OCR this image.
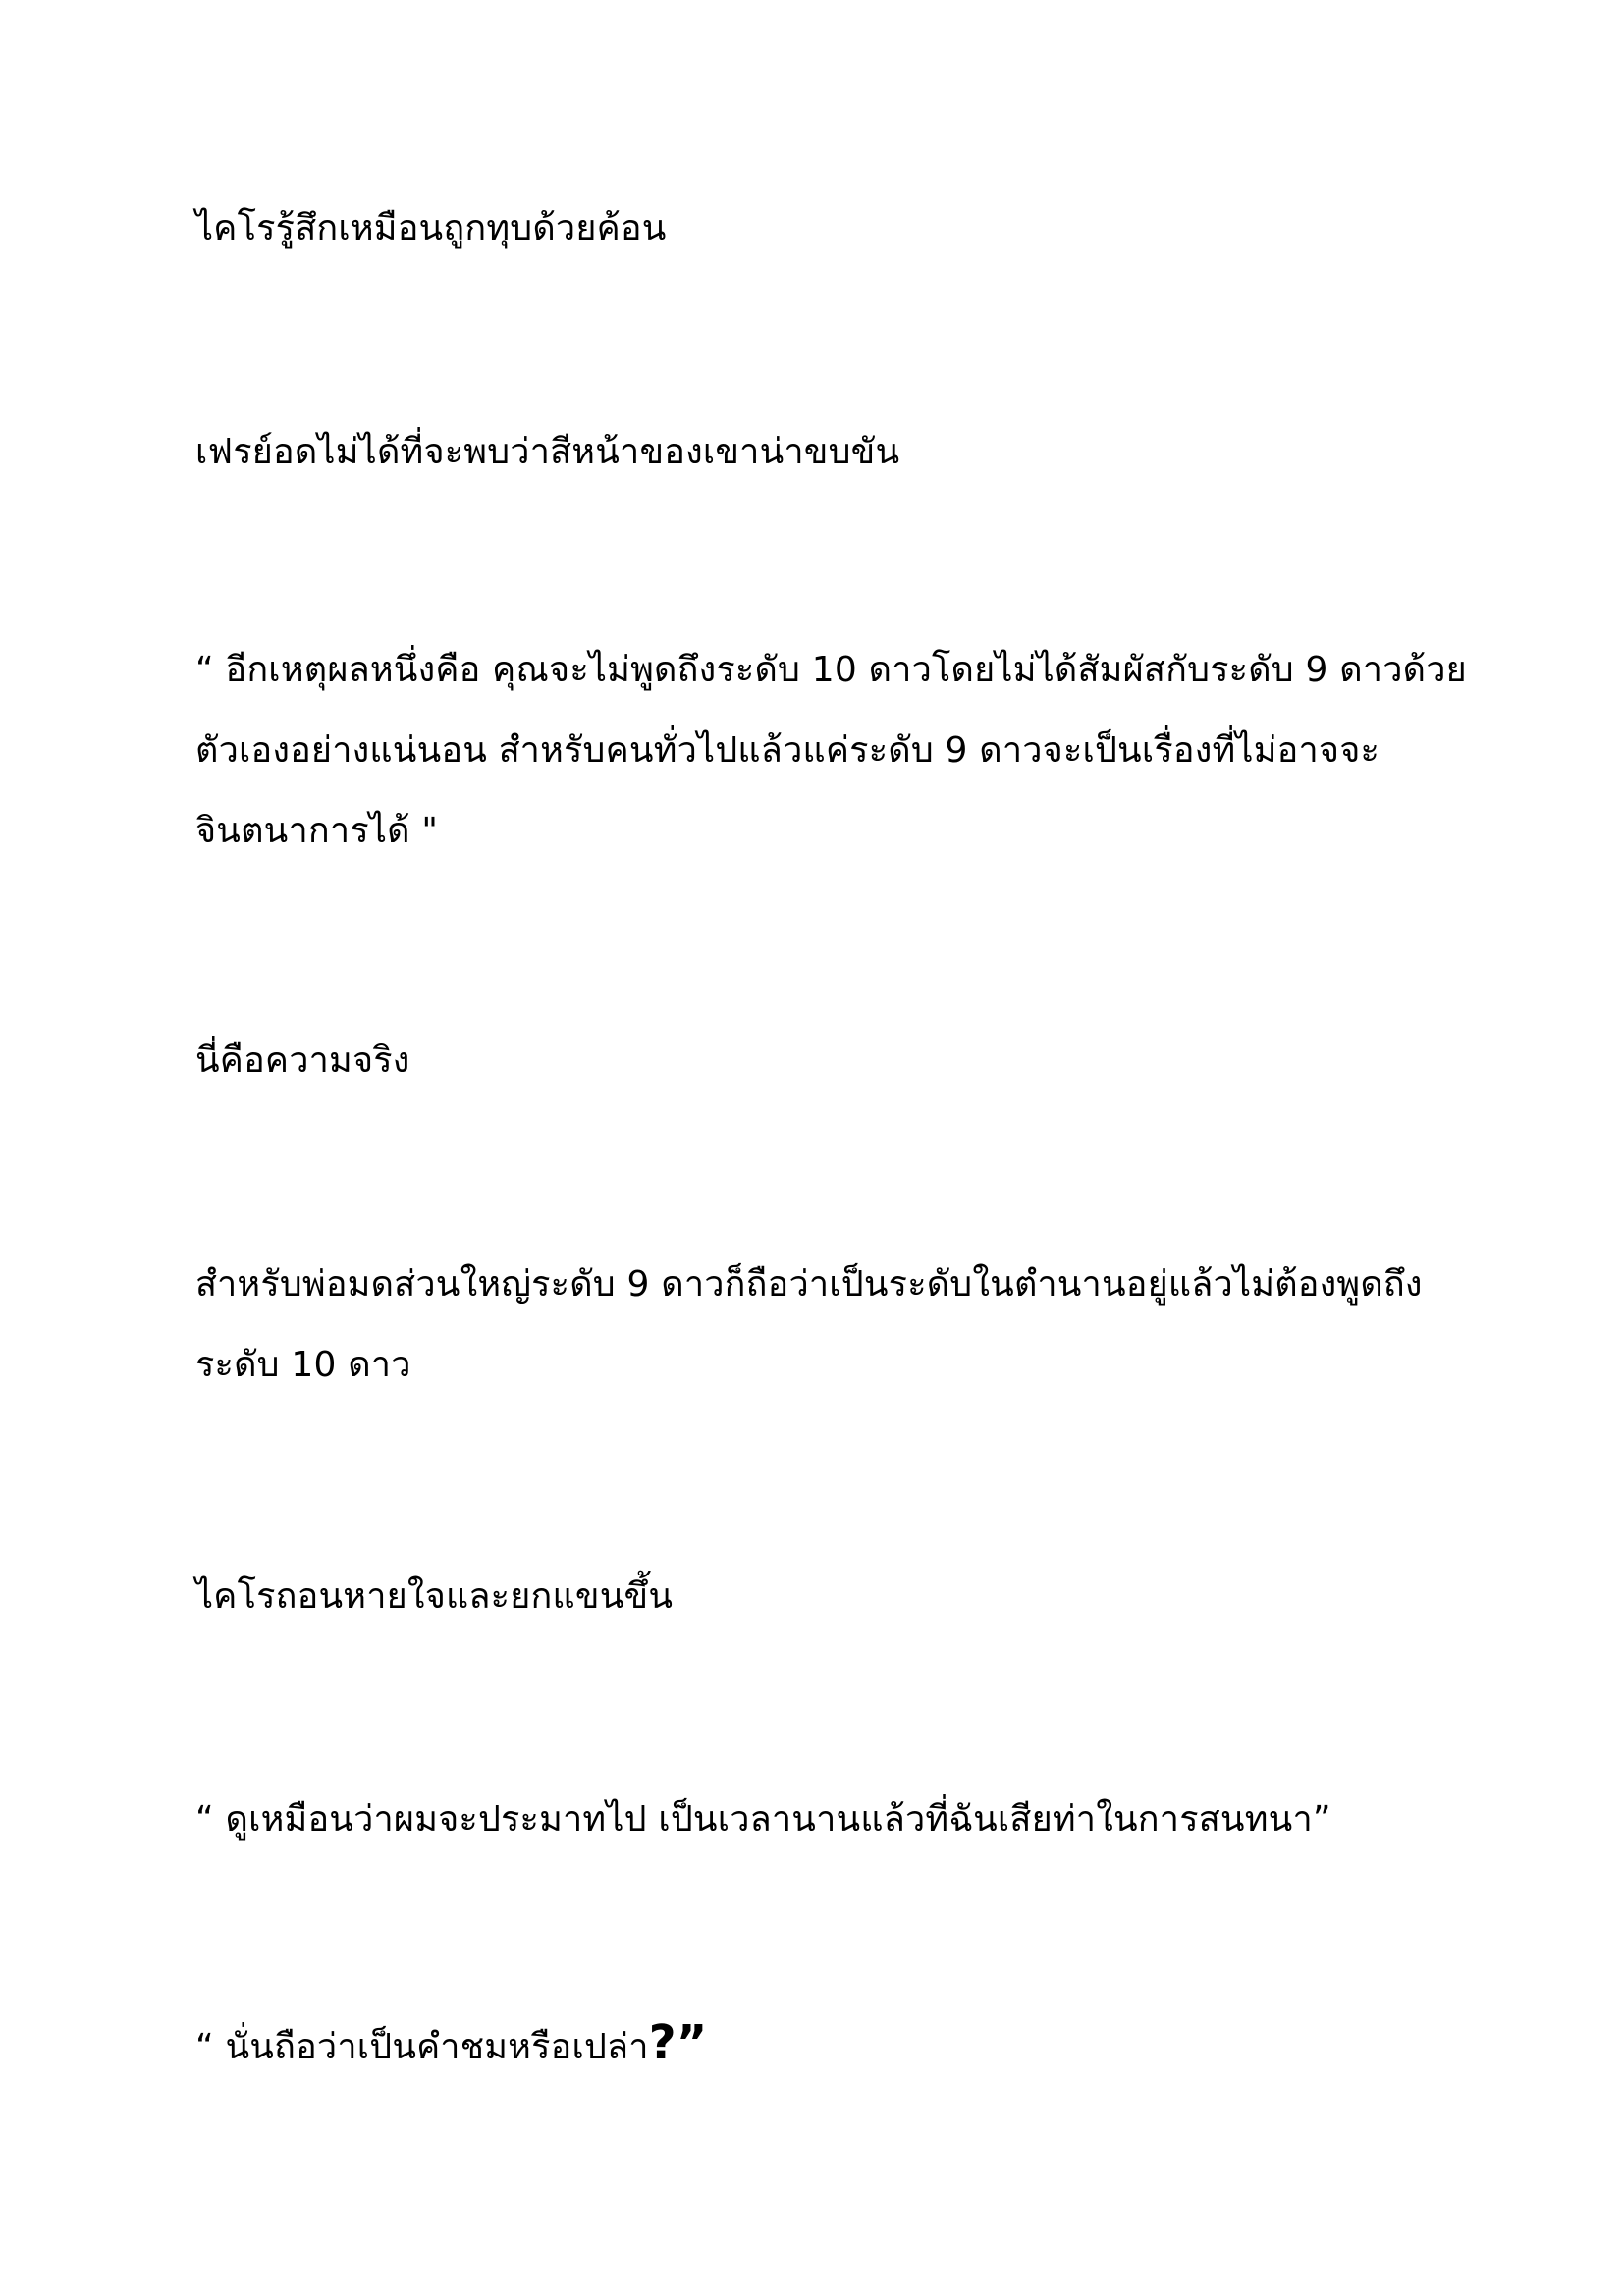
ไคโรรู้สึกเหมือนถูกทุบด้วยค้อน

เฟรย์อดไม่ได้ที่จะพบว่าสีหน้าของเขาน่าขบขัน

“ อีกเหตุผลหนึ่งคือ คุณจะไม่พูดถึงระดับ 10 ดาวโดยไม่ได้สัมผัสกับระดับ 9 ดาวด้วย
ตัวเองอย่างแน่นอน สำหรับคนทั่วไปแล้วแค่ระดับ 9 ดาวจะเป็นเรื่องที่ไม่อาจจะ
จินตนาการได้ "

นี่คือความจริง

สำหรับพ่อมดส่วนใหญ่ระดับ 9 ดาวก็ถือว่าเป็นระดับในตำนานอยู่แล้วไม่ต้องพูดถึง
ระดับ 10 ดาว

ไคโรถอนหายใจและยกแขนขึ้น

“ ดูเหมือนว่าผมจะประมาทไป เป็นเวลานานแล้วที่ฉันเสียท่าในการสนทนา”

“ นั่นถือว่าเป็นคำชมหรือเปล่า?”
